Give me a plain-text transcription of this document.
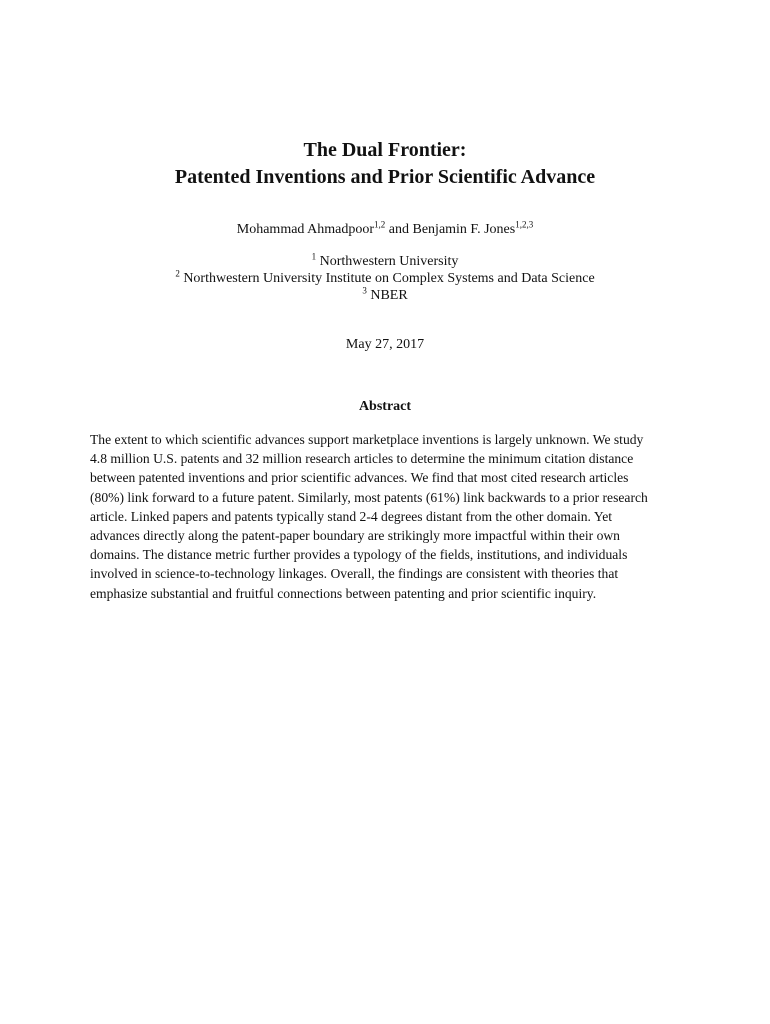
The Dual Frontier:

Patented Inventions and Prior Scientific Advance

Mohammad Ahmadpoor$^{1,2}$ and Benjamin F. Jones$^{1,2,3}$
$^1$ Northwestern University
$^2$ Northwestern University Institute on Complex Systems and Data Science
$^3$ NBER
May 27, 2017
Abstract

The extent to which scientific advances support marketplace inventions is largely unknown. We study
4.8 million U.S. patents and 32 million research articles to determine the minimum citation distance
between patented inventions and prior scientific advances. We find that most cited research articles
(80%) link forward to a future patent. Similarly, most patents (61%) link backwards to a prior research
article. Linked papers and patents typically stand 2-4 degrees distant from the other domain. Yet
advances directly along the patent-paper boundary are strikingly more impactful within their own
domains. The distance metric further provides a typology of the fields, institutions, and individuals
involved in science-to-technology linkages. Overall, the findings are consistent with theories that
emphasize substantial and fruitful connections between patenting and prior scientific inquiry.
